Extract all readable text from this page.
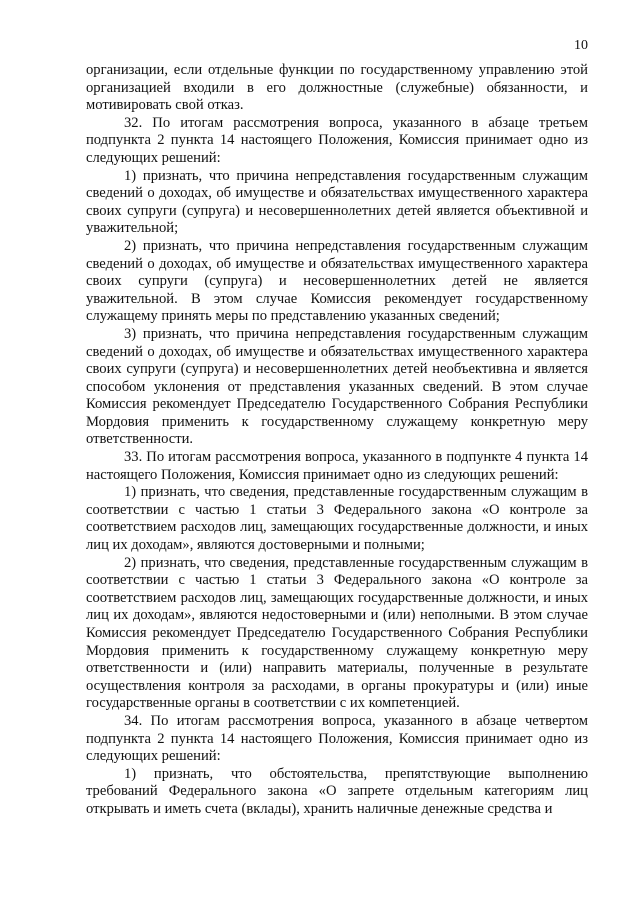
10

организации, если отдельные функции по государственному управлению этой организацией входили в его должностные (служебные) обязанности, и мотивировать свой отказ.

32. По итогам рассмотрения вопроса, указанного в абзаце третьем подпункта 2 пункта 14 настоящего Положения, Комиссия принимает одно из следующих решений:

1) признать, что причина непредставления государственным служащим сведений о доходах, об имуществе и обязательствах имущественного характера своих супруги (супруга) и несовершеннолетних детей является объективной и уважительной;

2) признать, что причина непредставления государственным служащим сведений о доходах, об имуществе и обязательствах имущественного характера своих супруги (супруга) и несовершеннолетних детей не является уважительной. В этом случае Комиссия рекомендует государственному служащему принять меры по представлению указанных сведений;

3) признать, что причина непредставления государственным служащим сведений о доходах, об имуществе и обязательствах имущественного характера своих супруги (супруга) и несовершеннолетних детей необъективна и является способом уклонения от представления указанных сведений. В этом случае Комиссия рекомендует Председателю Государственного Собрания Республики Мордовия применить к государственному служащему конкретную меру ответственности.

33. По итогам рассмотрения вопроса, указанного в подпункте 4 пункта 14 настоящего Положения, Комиссия принимает одно из следующих решений:

1) признать, что сведения, представленные государственным служащим в соответствии с частью 1 статьи 3 Федерального закона «О контроле за соответствием расходов лиц, замещающих государственные должности, и иных лиц их доходам», являются достоверными и полными;

2) признать, что сведения, представленные государственным служащим в соответствии с частью 1 статьи 3 Федерального закона «О контроле за соответствием расходов лиц, замещающих государственные должности, и иных лиц их доходам», являются недостоверными и (или) неполными. В этом случае Комиссия рекомендует Председателю Государственного Собрания Республики Мордовия применить к государственному служащему конкретную меру ответственности и (или) направить материалы, полученные в результате осуществления контроля за расходами, в органы прокуратуры и (или) иные государственные органы в соответствии с их компетенцией.

34. По итогам рассмотрения вопроса, указанного в абзаце четвертом подпункта 2 пункта 14 настоящего Положения, Комиссия принимает одно из следующих решений:

1) признать, что обстоятельства, препятствующие выполнению требований Федерального закона «О запрете отдельным категориям лиц открывать и иметь счета (вклады), хранить наличные денежные средства и
